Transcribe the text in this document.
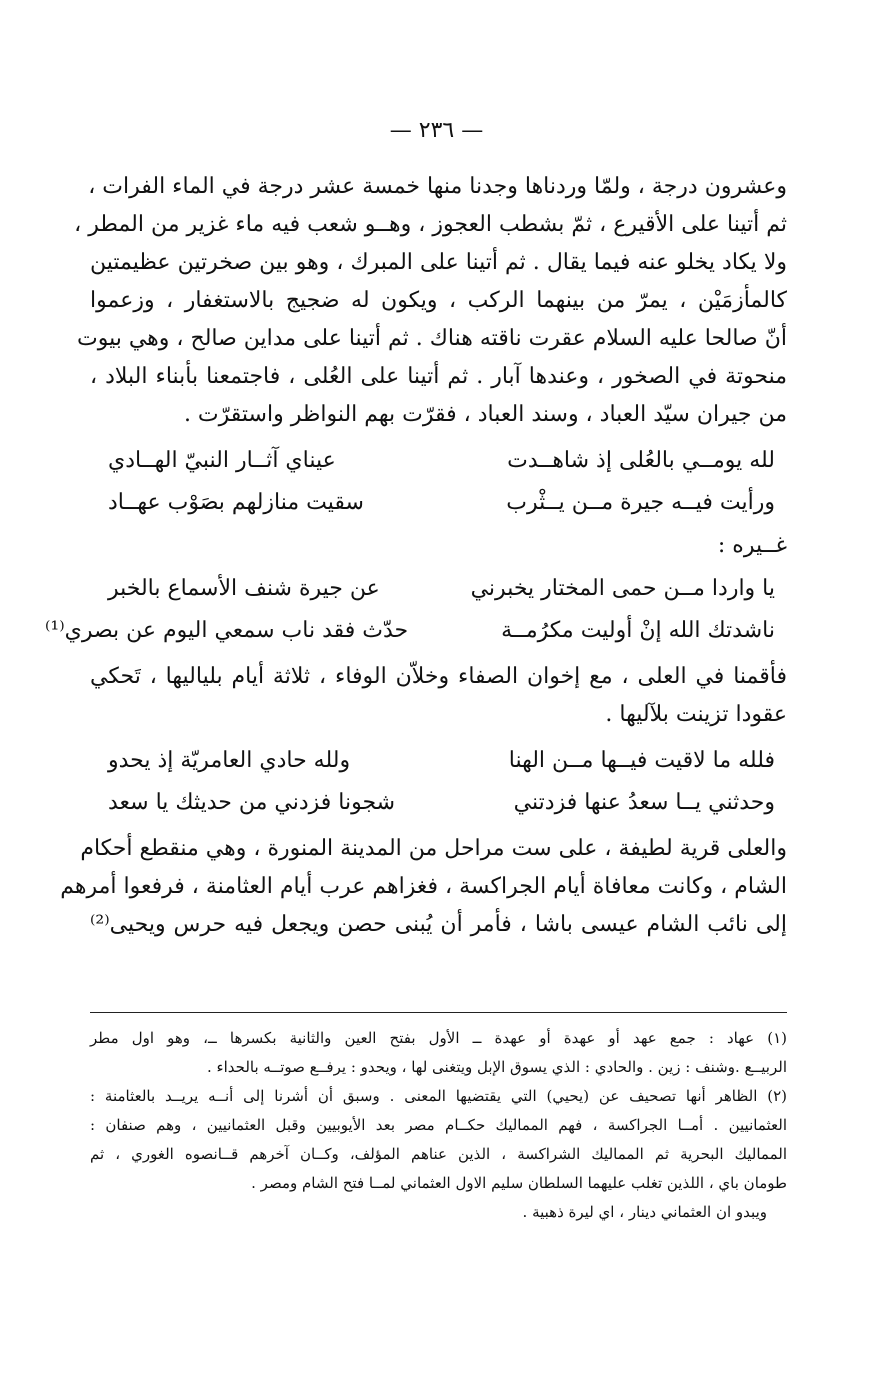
— ٢٣٦ —
وعشرون درجة ، ولمّا وردناها وجدنا منها خمسة عشر درجة في الماء الفرات ،
ثم أتينا على الأقيرع ، ثمّ بشطب العجوز ، وهــو شعب فيه ماء غزير من المطر ،
ولا يكاد يخلو عنه فيما يقال . ثم أتينا على المبرك ، وهو بين صخرتين عظيمتين
كالمأزمَيْن ، يمرّ من بينهما الركب ، ويكون له ضجيج بالاستغفار ، وزعموا
أنّ صالحا عليه السلام عقرت ناقته هناك . ثم أتينا على مداين صالح ، وهي بيوت
منحوتة في الصخور ، وعندها آبار . ثم أتينا على العُلى ، فاجتمعنا بأبناء البلاد ،
من جيران سيّد العباد ، وسند العباد ، فقرّت بهم النواظر واستقرّت .
لله يومــي بالعُلى إذ شاهــدت
عيناي آثــار النبيّ الهــادي
ورأيت فيــه جيرة مــن يــثْرب
سقيت منازلهم بصَوْب عهــاد
غــيره :
يا واردا مــن حمى المختار يخبرني
عن جيرة شنف الأسماع بالخبر
ناشدتك الله إنْ أوليت مكرُمــة
حدّث فقد ناب سمعي اليوم عن بصري⁽¹⁾
فأقمنا في العلى ، مع إخوان الصفاء وخلاّن الوفاء ، ثلاثة أيام بلياليها ، تَحكي
عقودا تزينت بلآليها .
فلله ما لاقيت فيــها مــن الهنا
ولله حادي العامريّة إذ يحدو
وحدثني يــا سعدُ عنها فزدتني
شجونا فزدني من حديثك يا سعد
والعلى قرية لطيفة ، على ست مراحل من المدينة المنورة ، وهي منقطع أحكام
الشام ، وكانت معافاة أيام الجراكسة ، فغزاهم عرب أيام العثامنة ، فرفعوا أمرهم
إلى نائب الشام عيسى باشا ، فأمر أن يُبنى حصن ويجعل فيه حرس ويحيى⁽²⁾
(١) عهاد : جمع عهد أو عهدة أو عهدة ــ الأول بفتح العين والثانية بكسرها ــ، وهو اول مطر
الربيــع .وشنف : زين . والحادي : الذي يسوق الإبل ويتغنى لها ، ويحدو : يرفــع صوتــه بالحداء .
(٢) الظاهر أنها تصحيف عن (يحيي) التي يقتضيها المعنى . وسبق أن أشرنا إلى أنــه يريــد بالعثامنة :
العثمانيين . أمــا الجراكسة ، فهم المماليك حكــام مصر بعد الأيوبيين وقبل العثمانيين ، وهم صنفان :
المماليك البحرية ثم المماليك الشراكسة ، الذين عناهم المؤلف، وكــان آخرهم قــانصوه الغوري ، ثم
طومان باي ، اللذين تغلب عليهما السلطان سليم الاول العثماني لمــا فتح الشام ومصر .
ويبدو ان العثماني دينار ، اي ليرة ذهبية .
